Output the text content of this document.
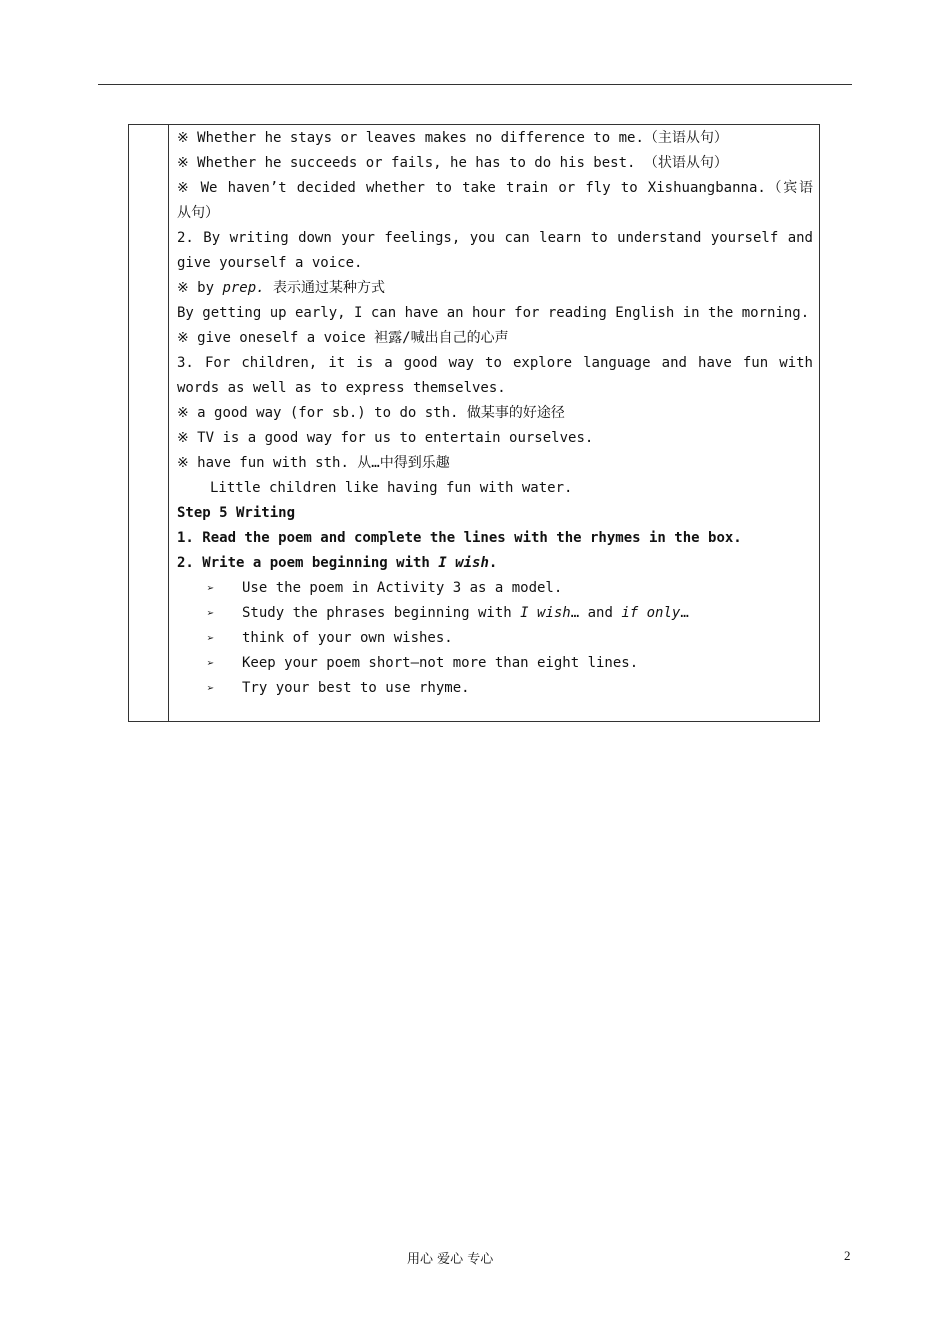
※ Whether he stays or leaves makes no difference to me.（主语从句）
※ Whether he succeeds or fails, he has to do his best. （状语从句）
※ We haven’t decided whether to take train or fly to Xishuangbanna.（宾语
从句）
2. By writing down your feelings, you can learn to understand yourself and
give yourself a voice.
※ by prep. 表示通过某种方式
By getting up early, I can have an hour for reading English in the morning.
※ give oneself a voice 袒露/喊出自己的心声
3. For children, it is a good way to explore language and have fun with
words as well as to express themselves.
※ a good way (for sb.) to do sth. 做某事的好途径
※ TV is a good way for us to entertain ourselves.
※ have fun with sth. 从…中得到乐趣
Little children like having fun with water.
Step 5 Writing
1. Read the poem and complete the lines with the rhymes in the box.
2. Write a poem beginning with I wish.
➢ Use the poem in Activity 3 as a model.
➢ Study the phrases beginning with I wish… and if only…
➢ think of your own wishes.
➢ Keep your poem short—not more than eight lines.
➢ Try your best to use rhyme.
用心 爱心 专心	2
